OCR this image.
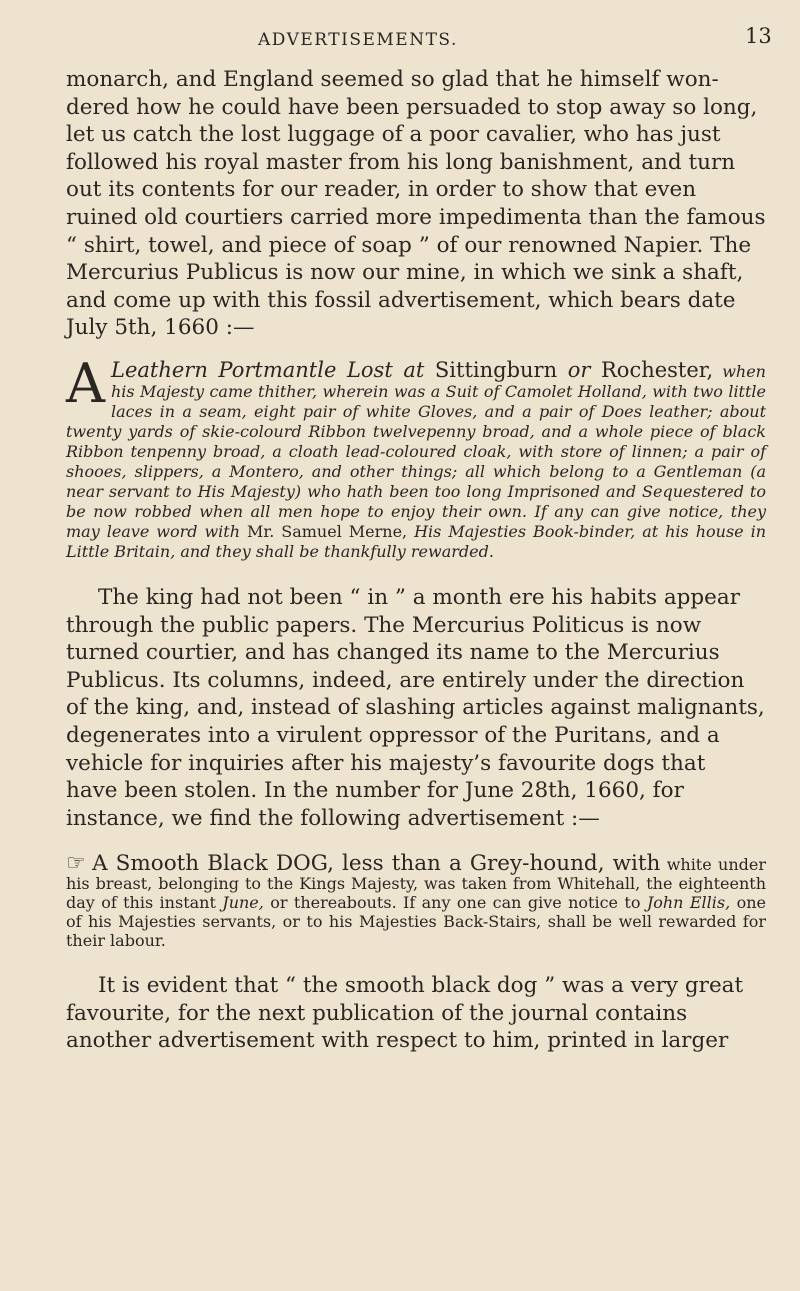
ADVERTISEMENTS.	13

monarch, and England seemed so glad that he himself won-
dered how he could have been persuaded to stop away so long,
let us catch the lost luggage of a poor cavalier, who has just
followed his royal master from his long banishment, and turn
out its contents for our reader, in order to show that even
ruined old courtiers carried more impedimenta than the famous
“ shirt, towel, and piece of soap ” of our renowned Napier. The
Mercurius Publicus is now our mine, in which we sink a shaft,
and come up with this fossil advertisement, which bears date
July 5th, 1660 :—

A Leathern Portmantle Lost at Sittingburn or Rochester, when his Majesty came thither, wherein was a Suit of Camolet Holland, with two little laces in a seam, eight pair of white Gloves, and a pair of Does leather; about twenty yards of skie-colourd Ribbon twelvepenny broad, and a whole piece of black Ribbon tenpenny broad, a cloath lead-coloured cloak, with store of linnen; a pair of shooes, slippers, a Montero, and other things; all which belong to a Gentleman (a near servant to His Majesty) who hath been too long Imprisoned and Sequestered to be now robbed when all men hope to enjoy their own. If any can give notice, they may leave word with Mr. Samuel Merne, His Majesties Book-binder, at his house in Little Britain, and they shall be thankfully rewarded.

The king had not been “ in ” a month ere his habits appear
through the public papers. The Mercurius Politicus is now
turned courtier, and has changed its name to the Mercurius
Publicus. Its columns, indeed, are entirely under the direction
of the king, and, instead of slashing articles against malignants,
degenerates into a virulent oppressor of the Puritans, and a
vehicle for inquiries after his majesty’s favourite dogs that
have been stolen. In the number for June 28th, 1660, for
instance, we find the following advertisement :—

☞ A Smooth Black DOG, less than a Grey-hound, with white under his breast, belonging to the Kings Majesty, was taken from Whitehall, the eighteenth day of this instant June, or thereabouts. If any one can give notice to John Ellis, one of his Majesties servants, or to his Majesties Back-Stairs, shall be well rewarded for their labour.

It is evident that “ the smooth black dog ” was a very great
favourite, for the next publication of the journal contains
another advertisement with respect to him, printed in larger
